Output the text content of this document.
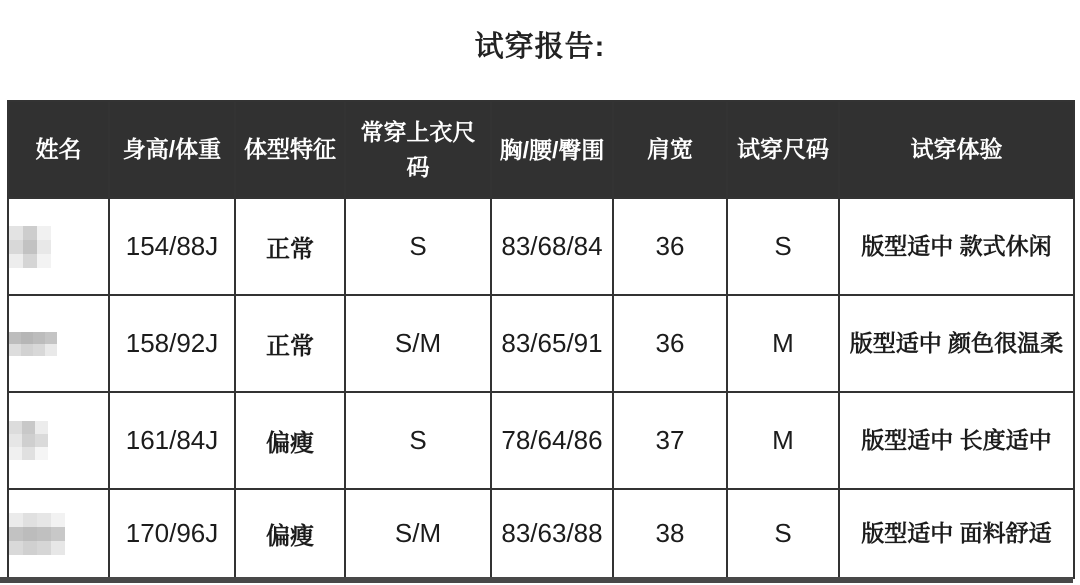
试穿报告:
姓名	身高/体重	体型特征	常穿上衣尺码	胸/腰/臀围	肩宽	试穿尺码	试穿体验

	154/88J	正常	S	83/68/84	36	S	版型适中 款式休闲

	158/92J	正常	S/M	83/65/91	36	M	版型适中 颜色很温柔

	161/84J	偏瘦	S	78/64/86	37	M	版型适中 长度适中

	170/96J	偏瘦	S/M	83/63/88	38	S	版型适中 面料舒适
